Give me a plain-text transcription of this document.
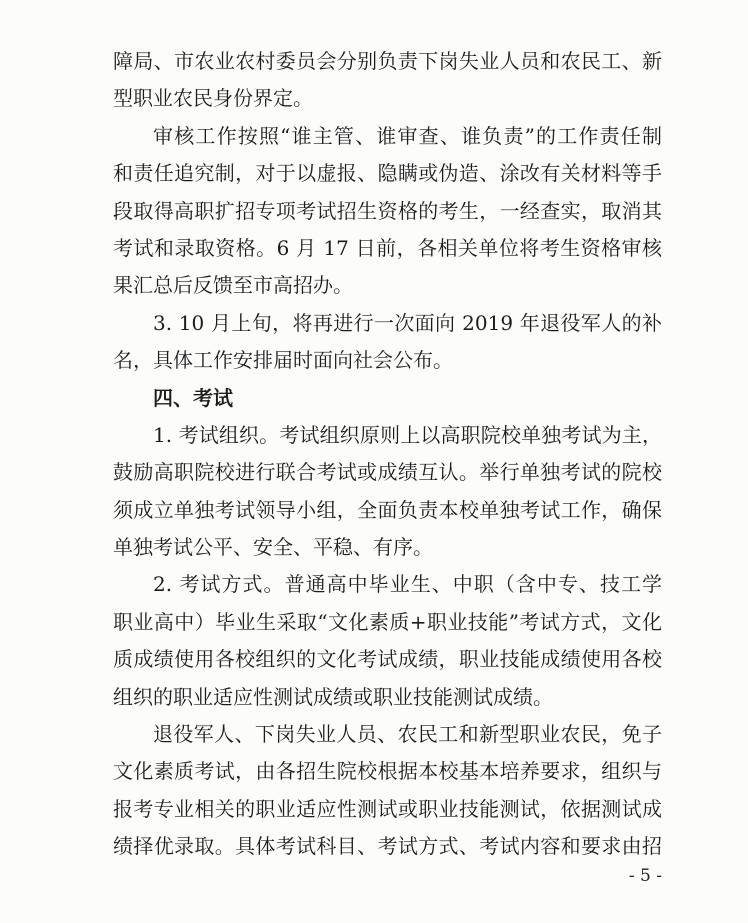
障局、市农业农村委员会分别负责下岗失业人员和农民工、新
型职业农民身份界定。
审核工作按照“谁主管、谁审查、谁负责”的工作责任制
和责任追究制，对于以虚报、隐瞒或伪造、涂改有关材料等手
段取得高职扩招专项考试招生资格的考生，一经查实，取消其
考试和录取资格。6 月 17 日前，各相关单位将考生资格审核
果汇总后反馈至市高招办。
3. 10 月上旬，将再进行一次面向 2019 年退役军人的补
名，具体工作安排届时面向社会公布。
四、考试
1. 考试组织。考试组织原则上以高职院校单独考试为主，
鼓励高职院校进行联合考试或成绩互认。举行单独考试的院校
须成立单独考试领导小组，全面负责本校单独考试工作，确保
单独考试公平、安全、平稳、有序。
2. 考试方式。普通高中毕业生、中职（含中专、技工学
职业高中）毕业生采取“文化素质+职业技能”考试方式，文化
质成绩使用各校组织的文化考试成绩，职业技能成绩使用各校
组织的职业适应性测试成绩或职业技能测试成绩。
退役军人、下岗失业人员、农民工和新型职业农民，免子
文化素质考试，由各招生院校根据本校基本培养要求，组织与
报考专业相关的职业适应性测试或职业技能测试，依据测试成
绩择优录取。具体考试科目、考试方式、考试内容和要求由招
- 5 -
